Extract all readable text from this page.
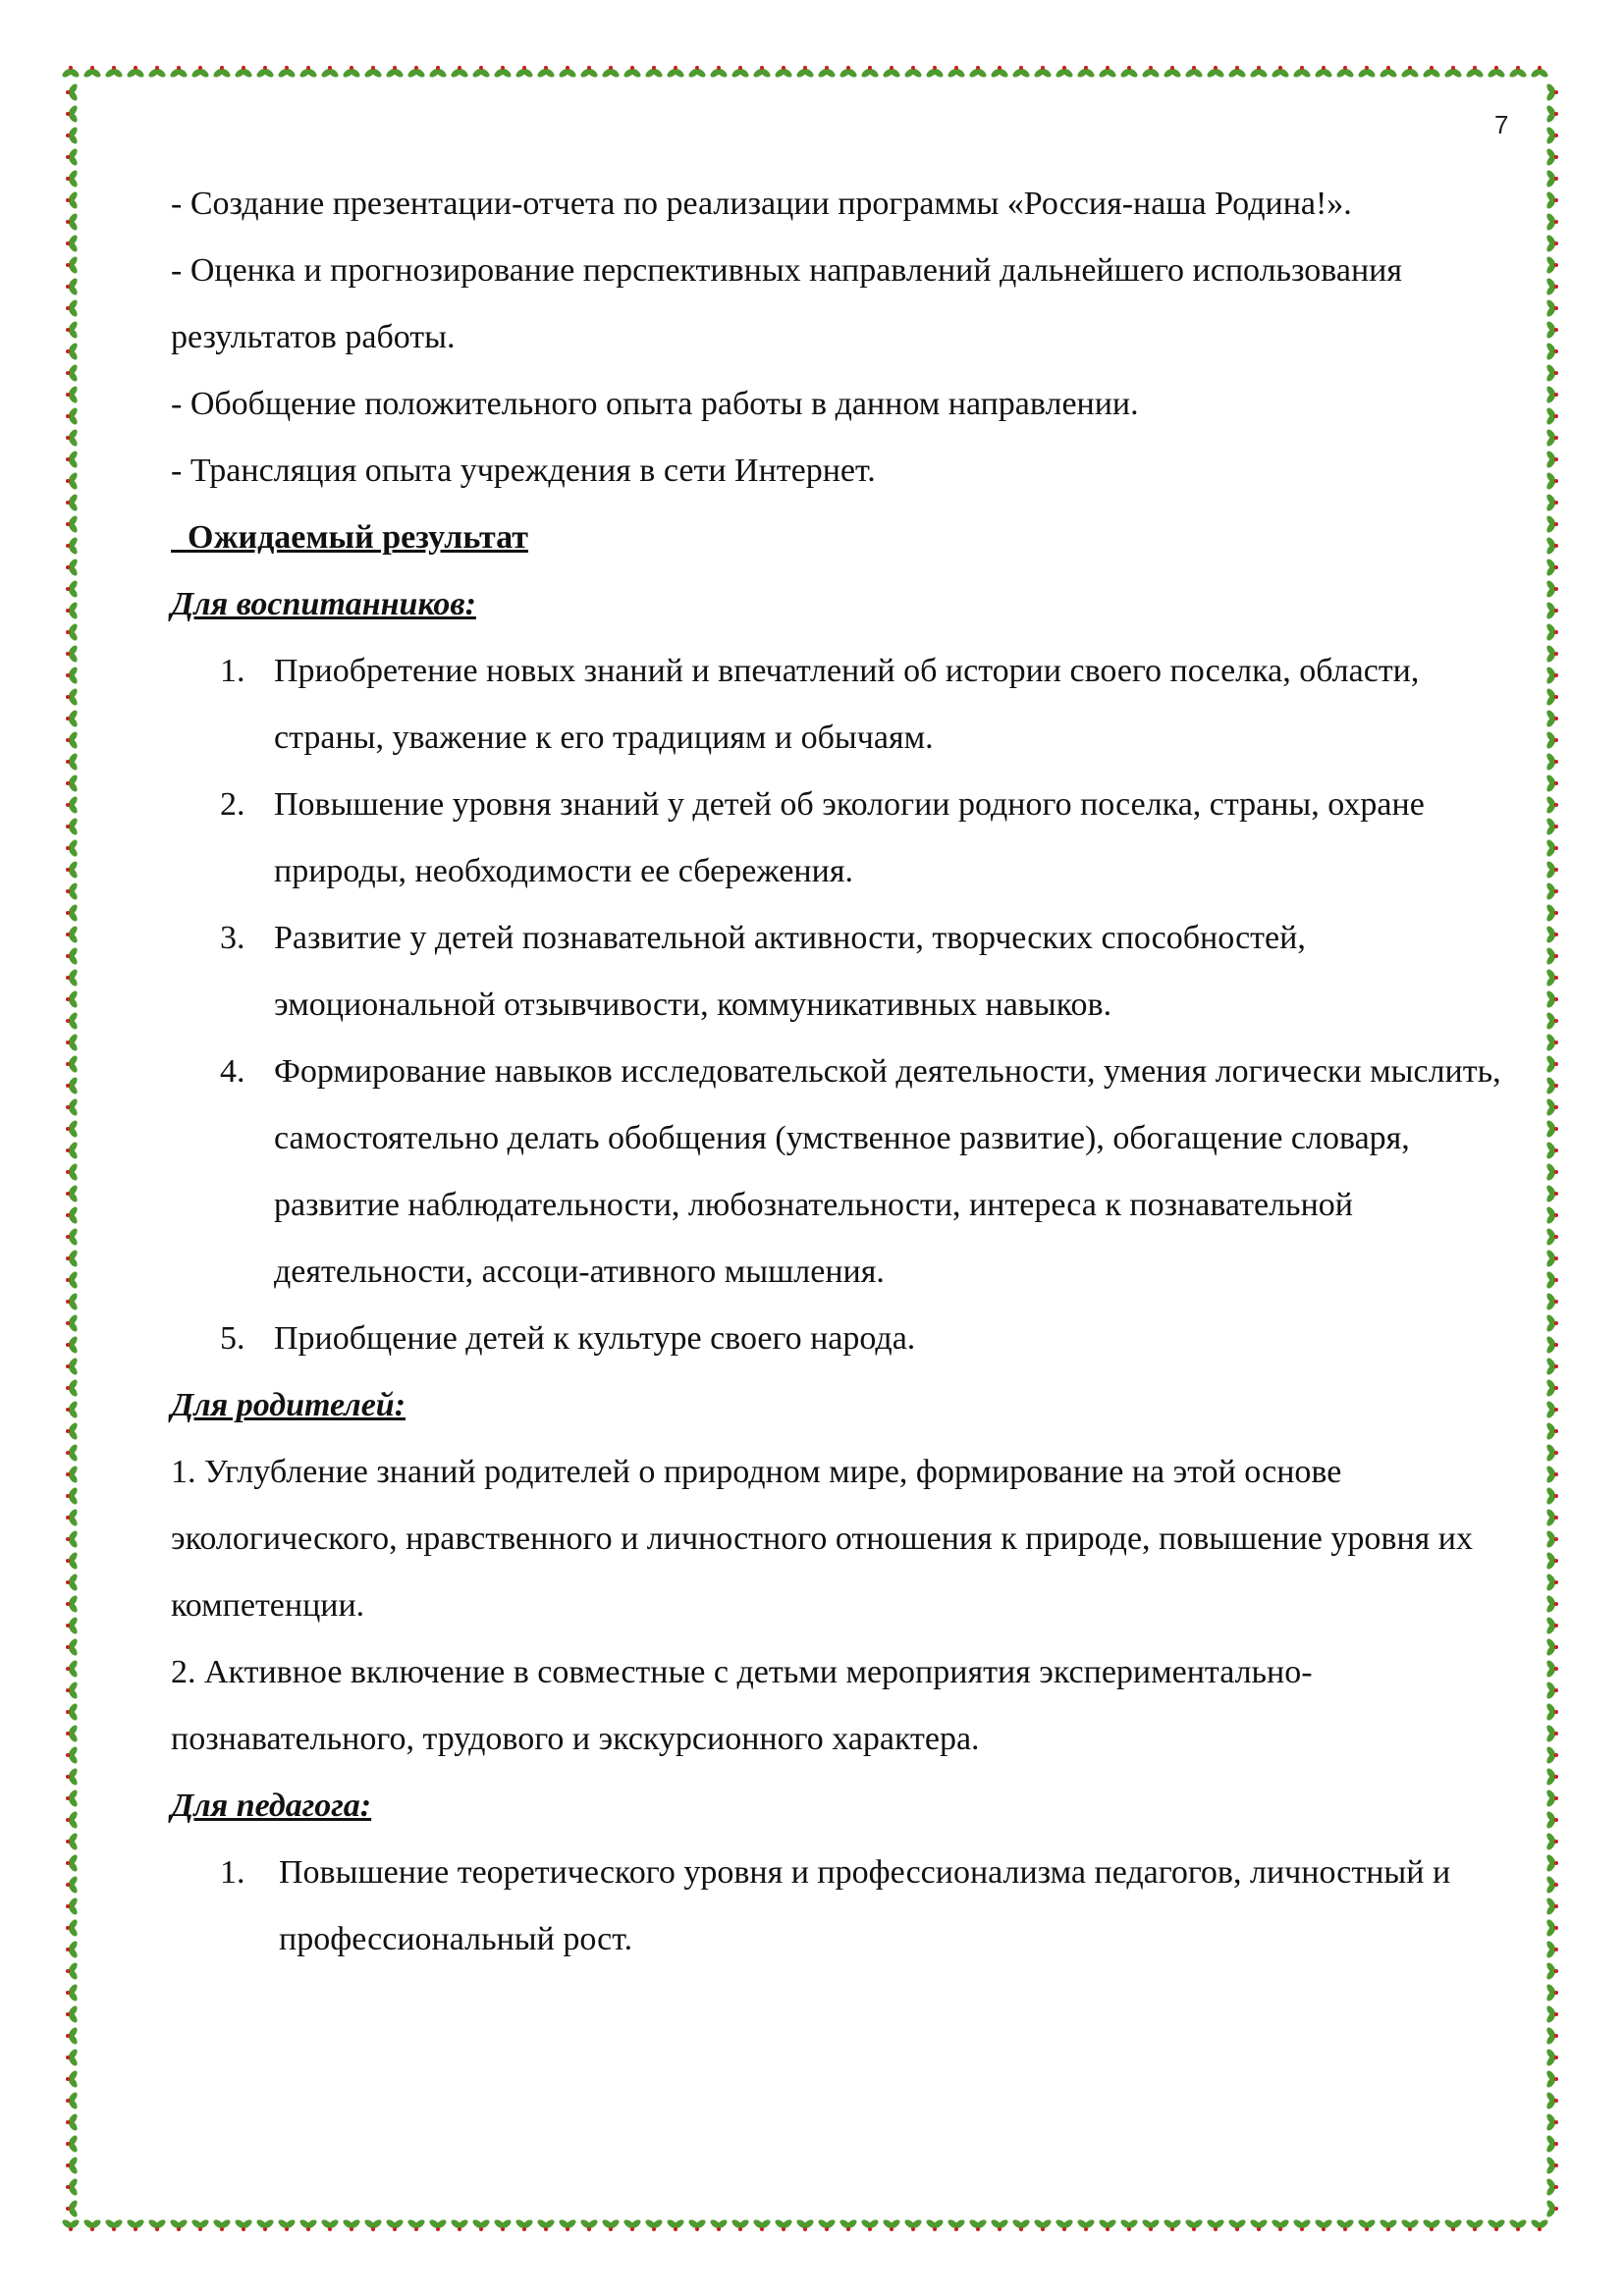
7

- Создание презентации-отчета по реализации программы «Россия-наша Родина!».

- Оценка и прогнозирование перспективных направлений дальнейшего использования результатов работы.

- Обобщение положительного опыта работы в данном направлении.

- Трансляция опыта учреждения в сети Интернет.

Ожидаемый результат

Для воспитанников:

1. Приобретение новых знаний и впечатлений об истории своего поселка, области, страны, уважение к его традициям и обычаям.
2. Повышение уровня знаний у детей об экологии родного поселка, страны, охране природы, необходимости ее сбережения.
3. Развитие у детей познавательной активности, творческих способностей, эмоциональной отзывчивости, коммуникативных навыков.
4. Формирование навыков исследовательской деятельности, умения логически мыслить, самостоятельно делать обобщения (умственное развитие), обогащение словаря, развитие наблюдательности, любознательности, интереса к познавательной деятельности, ассоци-ативного мышления.
5. Приобщение детей к культуре своего народа.

Для родителей:

1. Углубление знаний родителей о природном мире, формирование на этой основе экологического, нравственного и личностного отношения к природе, повышение уровня их компетенции.

2. Активное включение в совместные с детьми мероприятия экспериментально-познавательного, трудового и экскурсионного характера.

Для педагога:

1. Повышение теоретического уровня и профессионализма педагогов, личностный и профессиональный рост.
